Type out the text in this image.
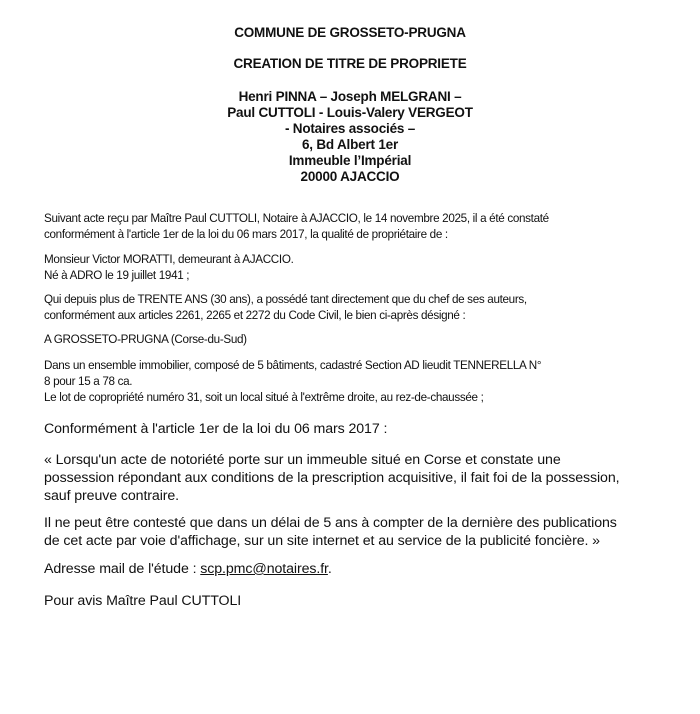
COMMUNE DE GROSSETO-PRUGNA
CREATION DE TITRE DE PROPRIETE
Henri PINNA – Joseph MELGRANI –
Paul CUTTOLI - Louis-Valery VERGEOT
- Notaires associés –
6, Bd Albert 1er
Immeuble l’Impérial
20000 AJACCIO
Suivant acte reçu par Maître Paul CUTTOLI, Notaire à AJACCIO, le 14 novembre 2025, il a été constaté
conformément à l'article 1er de la loi du 06 mars 2017, la qualité de propriétaire de :
Monsieur Victor MORATTI, demeurant à AJACCIO.
Né à ADRO le 19 juillet 1941 ;
Qui depuis plus de TRENTE ANS (30 ans), a possédé tant directement que du chef de ses auteurs,
conformément aux articles 2261, 2265 et 2272 du Code Civil, le bien ci-après désigné :
A GROSSETO-PRUGNA (Corse-du-Sud)
Dans un ensemble immobilier, composé de 5 bâtiments, cadastré Section AD lieudit TENNERELLA N°
8 pour 15 a 78 ca.
Le lot de copropriété numéro 31, soit un local situé à l'extrême droite, au rez-de-chaussée ;
Conformément à l'article 1er de la loi du 06 mars 2017 :
« Lorsqu'un acte de notoriété porte sur un immeuble situé en Corse et constate une
possession répondant aux conditions de la prescription acquisitive, il fait foi de la possession,
sauf preuve contraire.
Il ne peut être contesté que dans un délai de 5 ans à compter de la dernière des publications
de cet acte par voie d'affichage, sur un site internet et au service de la publicité foncière. »
Adresse mail de l'étude : scp.pmc@notaires.fr.
Pour avis Maître Paul CUTTOLI
